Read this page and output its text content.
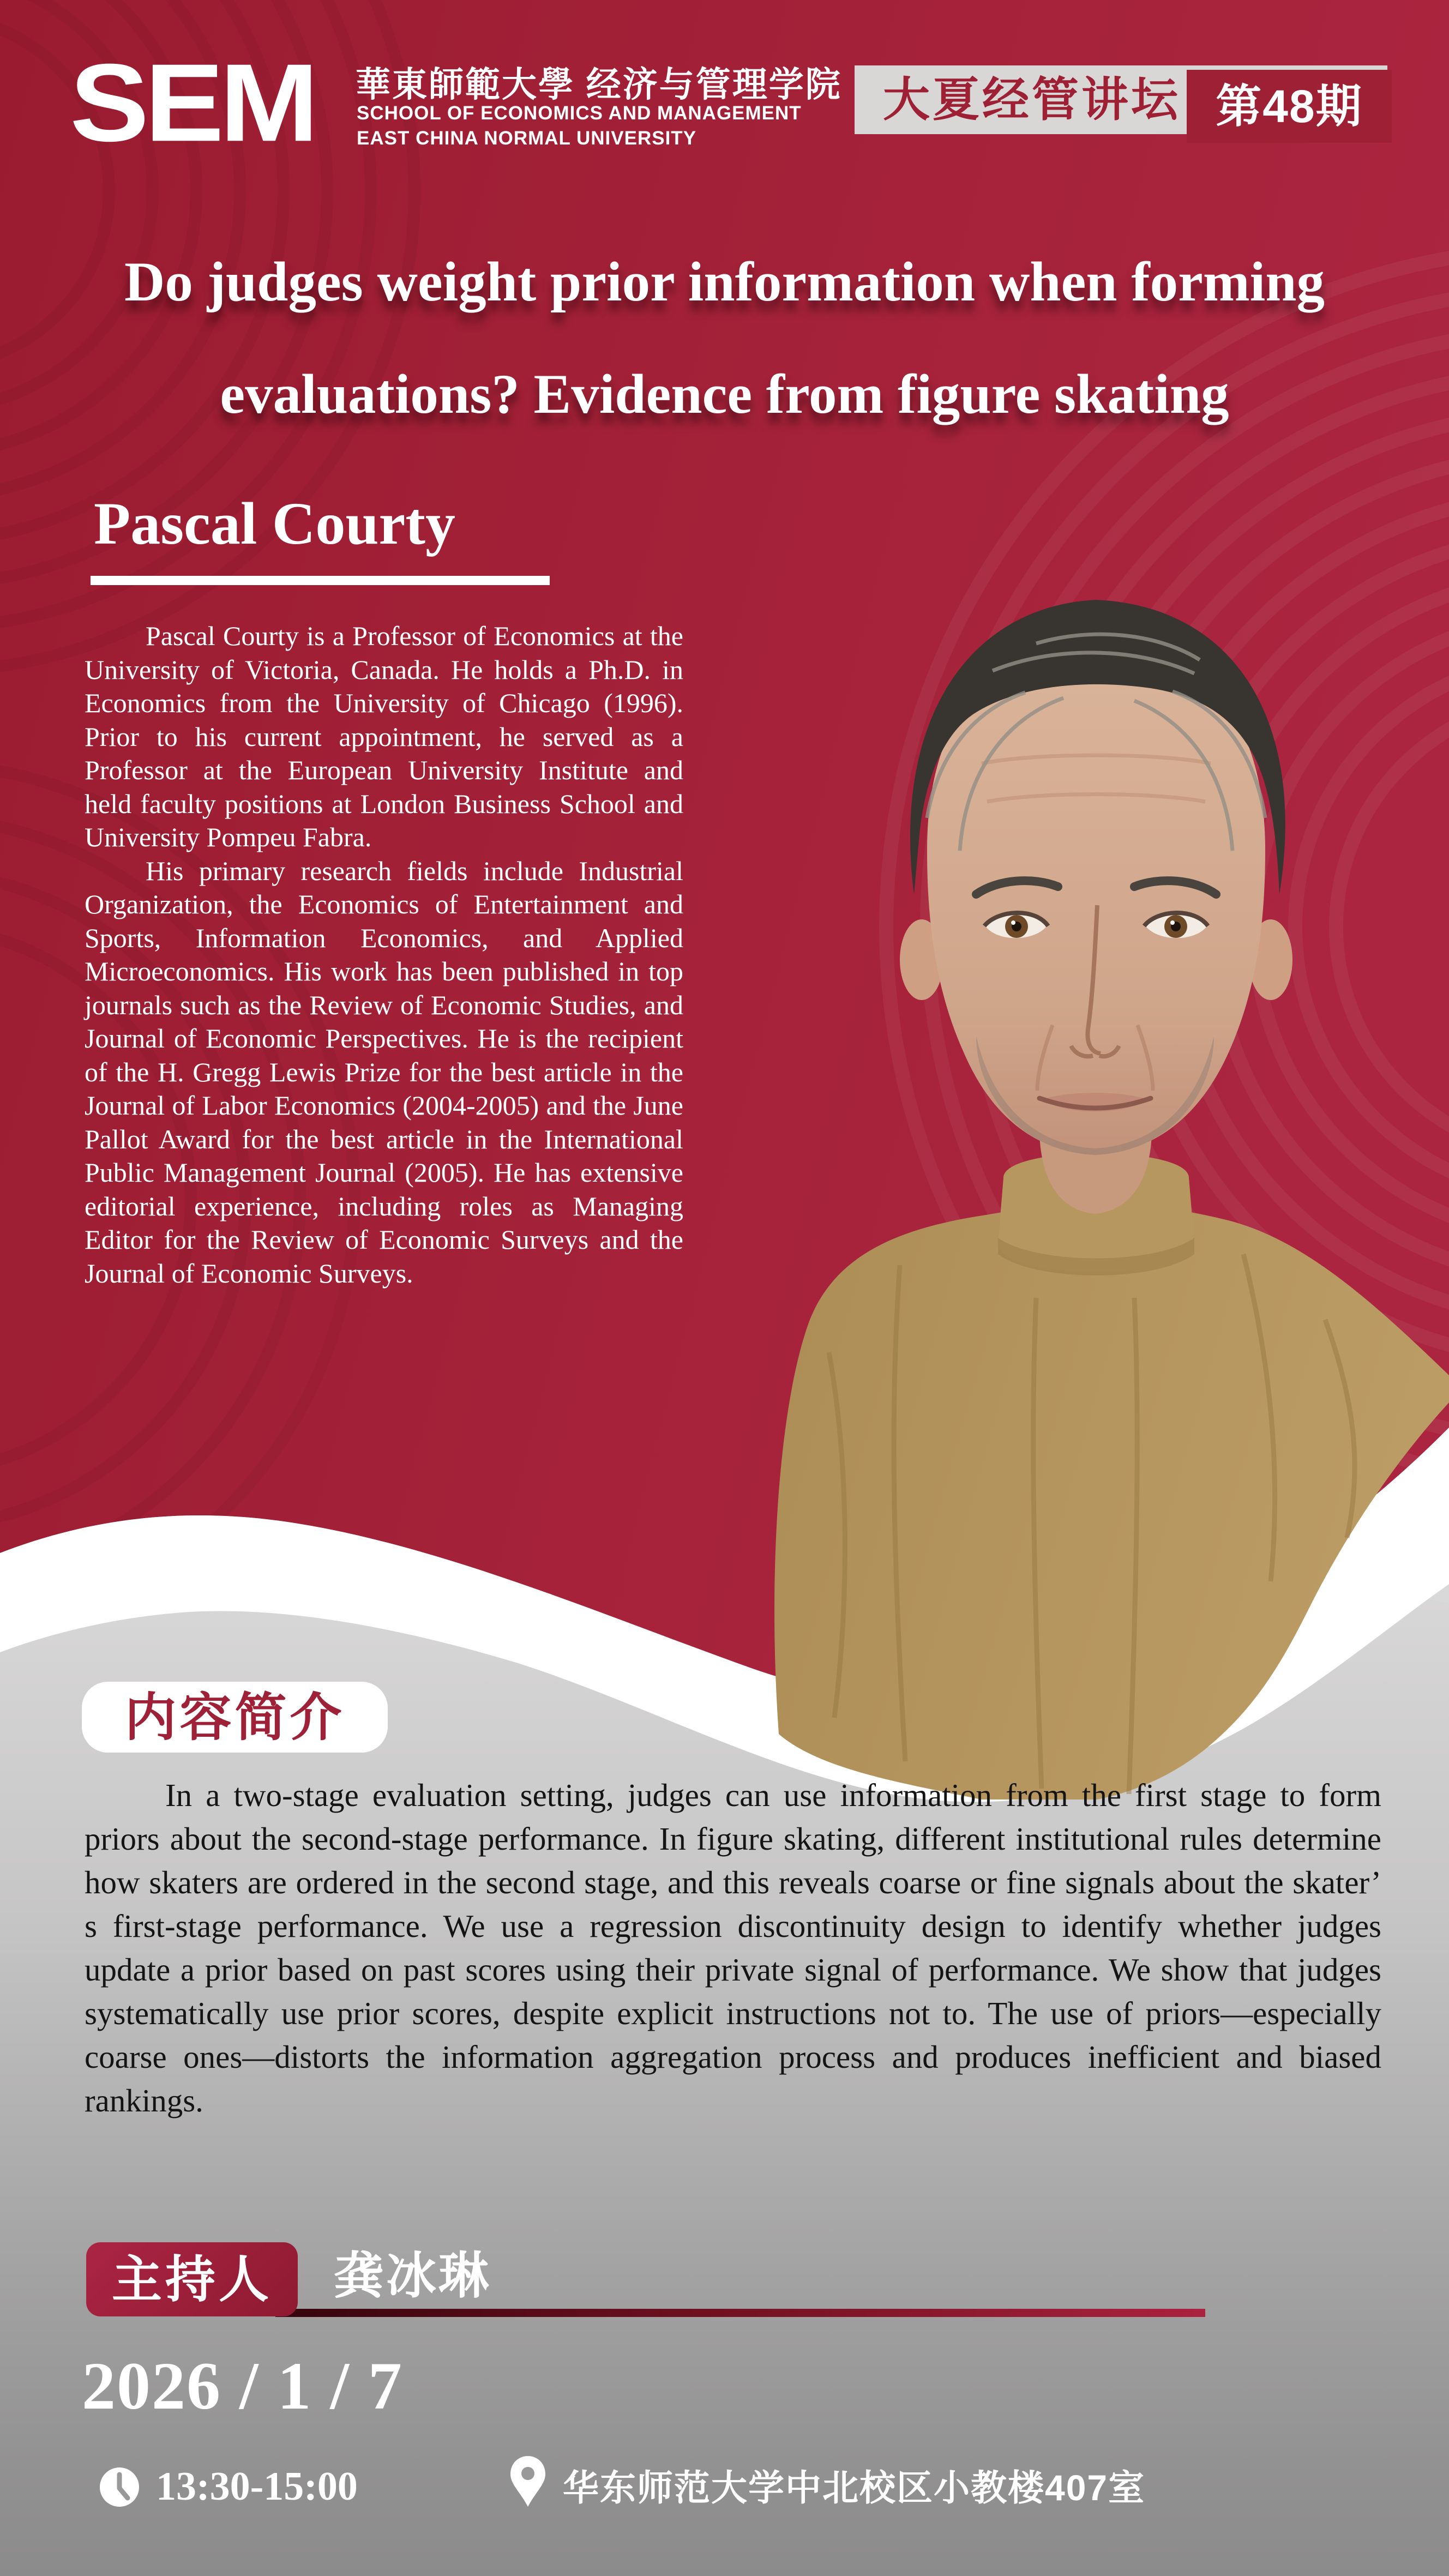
SEM 華東師範大學 经济与管理学院
SCHOOL OF ECONOMICS AND MANAGEMENT
EAST CHINA NORMAL UNIVERSITY
大夏经管讲坛 第48期
Do judges weight prior information when forming
evaluations? Evidence from figure skating
Pascal Courty

Pascal Courty is a Professor of Economics at the University of Victoria, Canada. He holds a Ph.D. in Economics from the University of Chicago (1996). Prior to his current appointment, he served as a Professor at the European University Institute and held faculty positions at London Business School and University Pompeu Fabra.

His primary research fields include Industrial Organization, the Economics of Entertainment and Sports, Information Economics, and Applied Microeconomics. His work has been published in top journals such as the Review of Economic Studies, and Journal of Economic Perspectives. He is the recipient of the H. Gregg Lewis Prize for the best article in the Journal of Labor Economics (2004-2005) and the June Pallot Award for the best article in the International Public Management Journal (2005). He has extensive editorial experience, including roles as Managing Editor for the Review of Economic Surveys and the Journal of Economic Surveys.

内容简介
In a two-stage evaluation setting, judges can use information from the first stage to form priors about the second-stage performance. In figure skating, different institutional rules determine how skaters are ordered in the second stage, and this reveals coarse or fine signals about the skater’ s first-stage performance. We use a regression discontinuity design to identify whether judges update a prior based on past scores using their private signal of performance. We show that judges systematically use prior scores, despite explicit instructions not to. The use of priors—especially coarse ones—distorts the information aggregation process and produces inefficient and biased rankings.
主持人	龚冰琳
2026 / 1 / 7
13:30-15:00	华东师范大学中北校区小教楼407室
